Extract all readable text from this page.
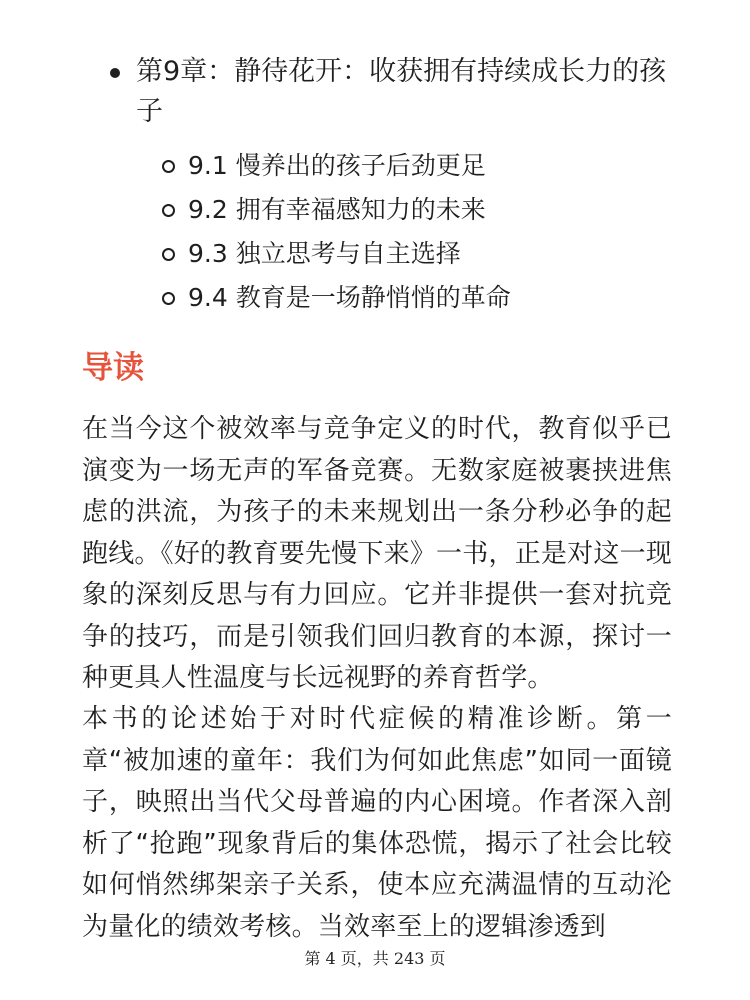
第9章：静待花开：收获拥有持续成长力的孩子
9.1 慢养出的孩子后劲更足
9.2 拥有幸福感知力的未来
9.3 独立思考与自主选择
9.4 教育是一场静悄悄的革命
导读

在当今这个被效率与竞争定义的时代，教育似乎已演变为一场无声的军备竞赛。无数家庭被裹挟进焦虑的洪流，为孩子的未来规划出一条分秒必争的起跑线。《好的教育要先慢下来》一书，正是对这一现象的深刻反思与有力回应。它并非提供一套对抗竞争的技巧，而是引领我们回归教育的本源，探讨一种更具人性温度与长远视野的养育哲学。

本书的论述始于对时代症候的精准诊断。第一章“被加速的童年：我们为何如此焦虑”如同一面镜子，映照出当代父母普遍的内心困境。作者深入剖析了“抢跑”现象背后的集体恐慌，揭示了社会比较如何悄然绑架亲子关系，使本应充满温情的互动沦为量化的绩效考核。当效率至上的逻辑渗透到

第 4 页，共 243 页
